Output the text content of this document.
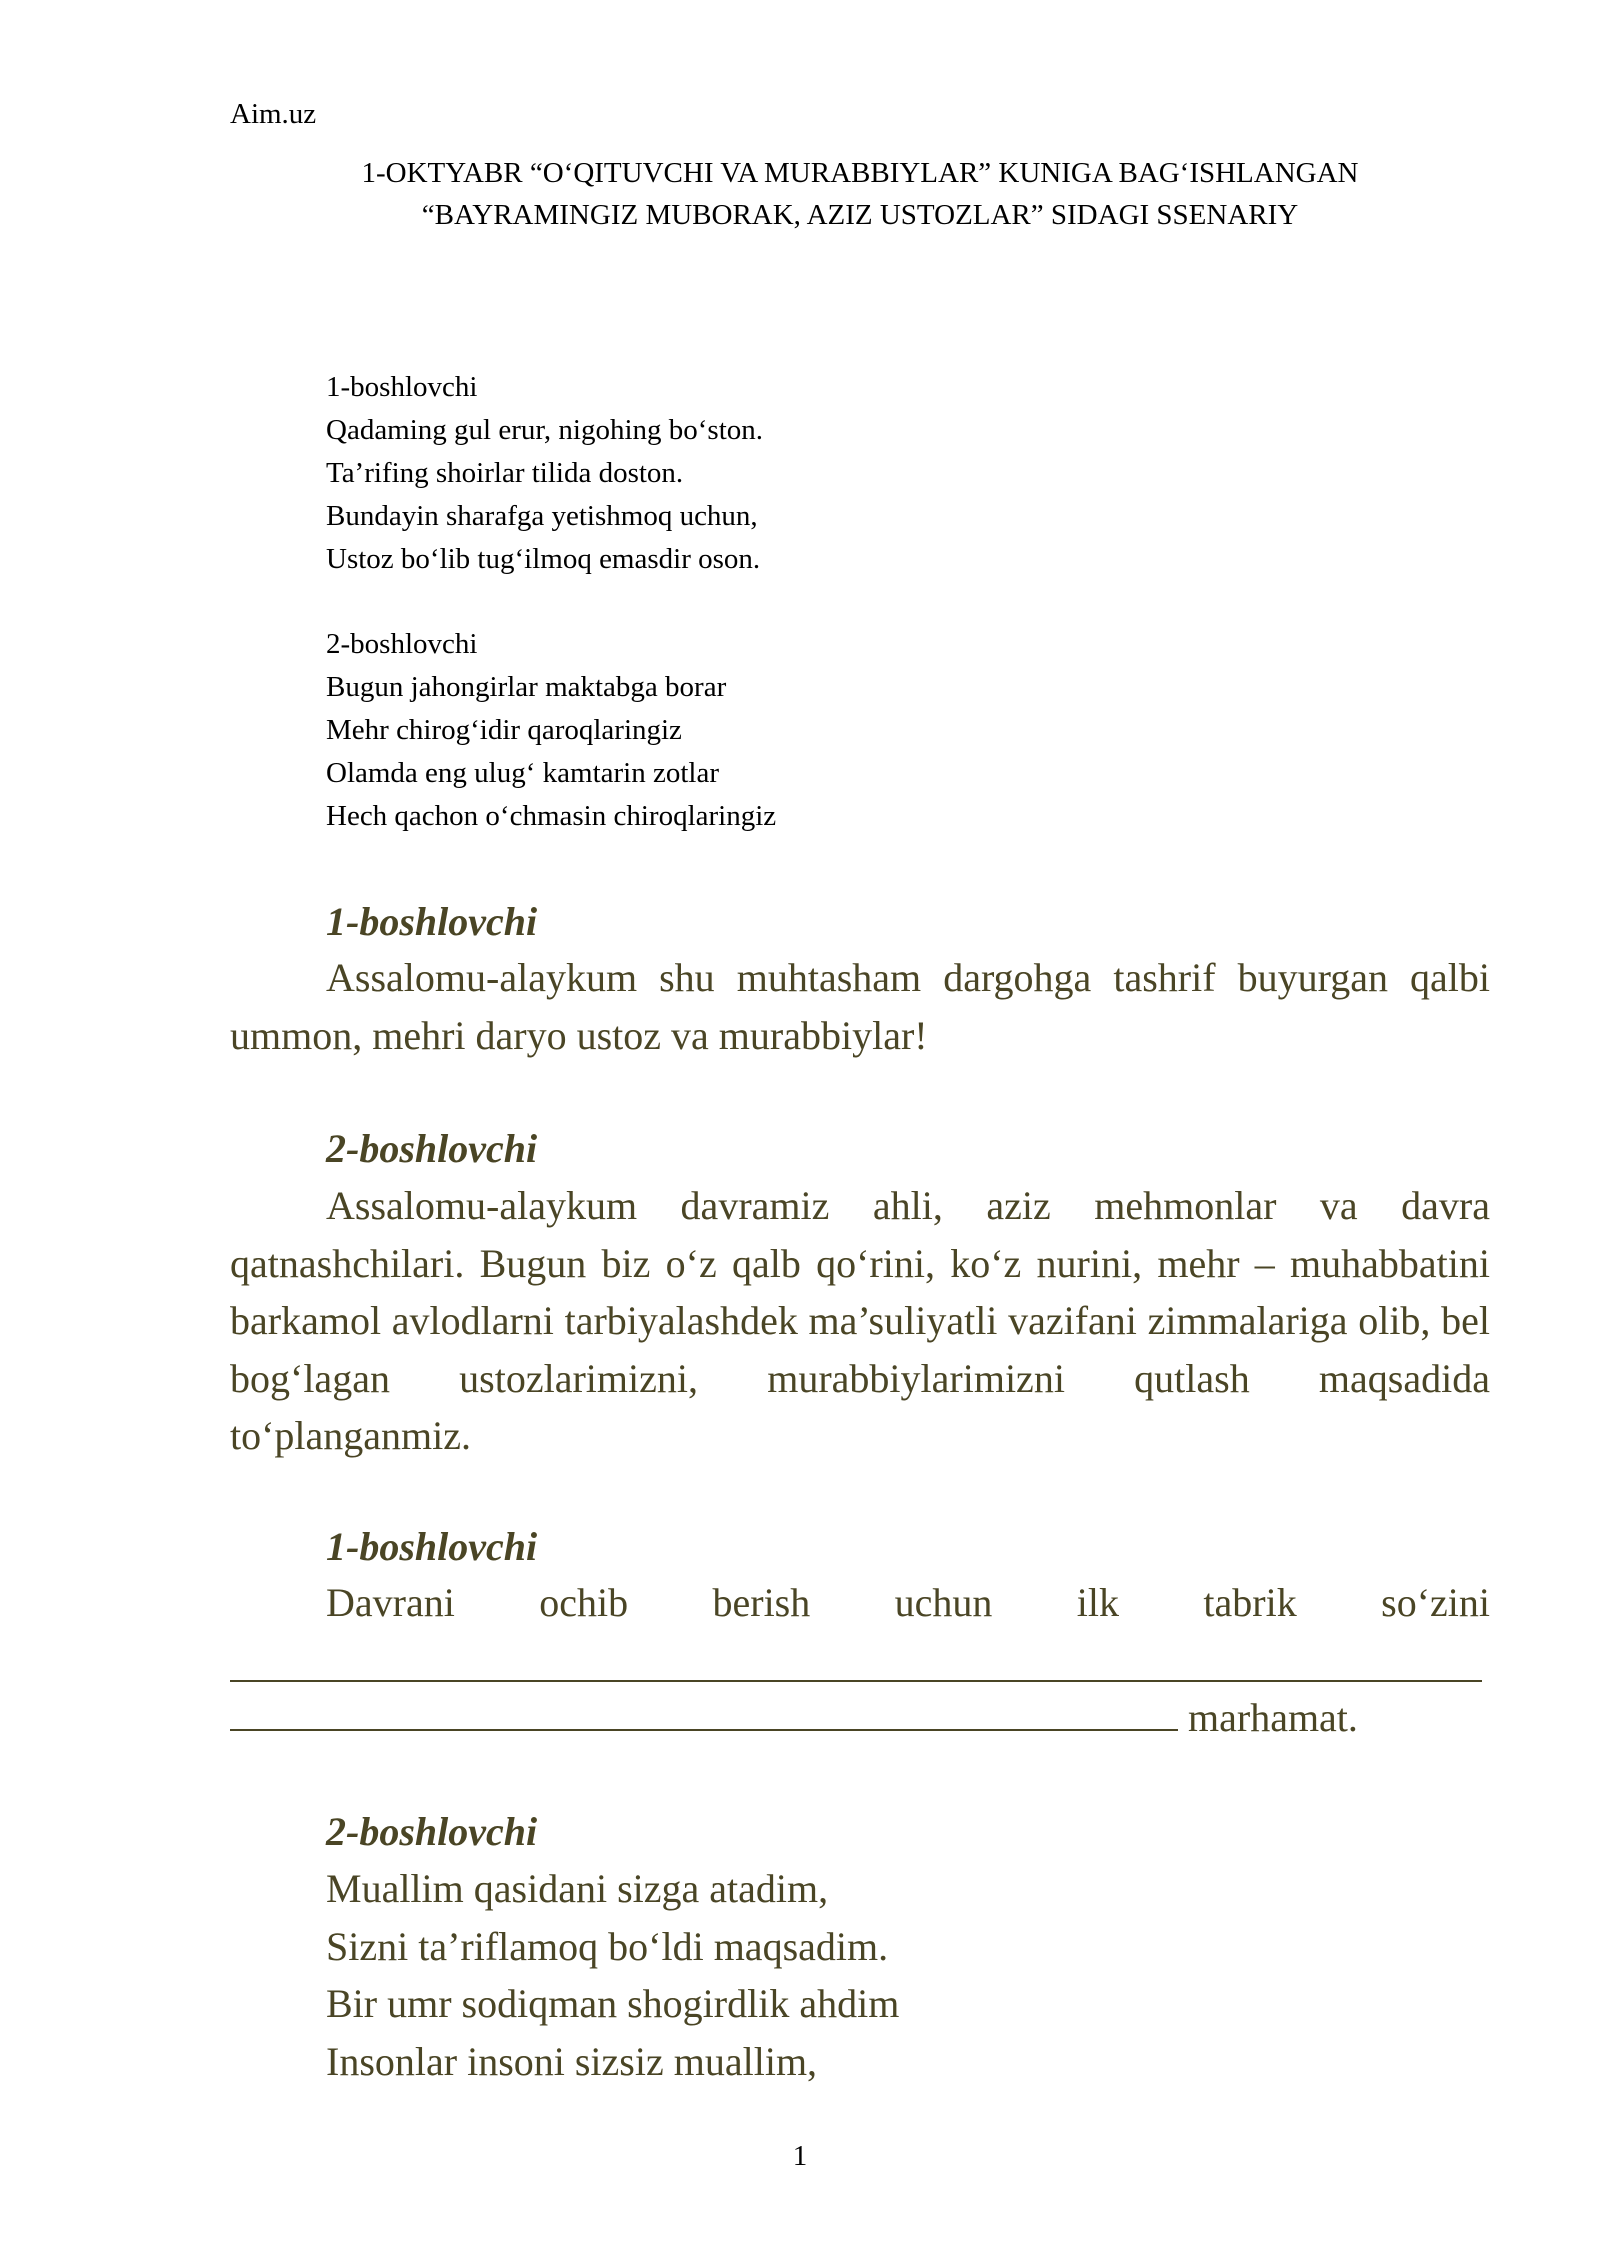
Aim.uz
1-OKTYABR “O‘QITUVCHI VA MURABBIYLAR” KUNIGA BAG‘ISHLANGAN
“BAYRAMINGIZ MUBORAK, AZIZ USTOZLAR” SIDAGI SSENARIY
1-boshlovchi
Qadaming gul erur, nigohing bo‘ston.
Ta’rifing shoirlar tilida doston.
Bundayin sharafga yetishmoq uchun,
Ustoz bo‘lib tug‘ilmoq emasdir oson.
2-boshlovchi
Bugun jahongirlar maktabga borar
Mehr chirog‘idir qaroqlaringiz
Olamda eng ulug‘ kamtarin zotlar
Hech qachon o‘chmasin chiroqlaringiz
1-boshlovchi
Assalomu-alaykum shu muhtasham dargohga tashrif buyurgan qalbi ummon, mehri daryo ustoz va murabbiylar!
2-boshlovchi
Assalomu-alaykum davramiz ahli, aziz mehmonlar va davra qatnashchilari. Bugun biz o‘z qalb qo‘rini, ko‘z nurini, mehr – muhabbatini barkamol avlodlarni tarbiyalashdek ma’suliyatli vazifani zimmalariga olib, bel bog‘lagan ustozlarimizni, murabbiylarimizni qutlash maqsadida to‘planganmiz.
1-boshlovchi
Davrani ochib berish uchun ilk tabrik so‘zini
marhamat.
2-boshlovchi
Muallim qasidani sizga atadim,
Sizni ta’riflamoq bo‘ldi maqsadim.
Bir umr sodiqman shogirdlik ahdim
Insonlar insoni sizsiz muallim,
1
